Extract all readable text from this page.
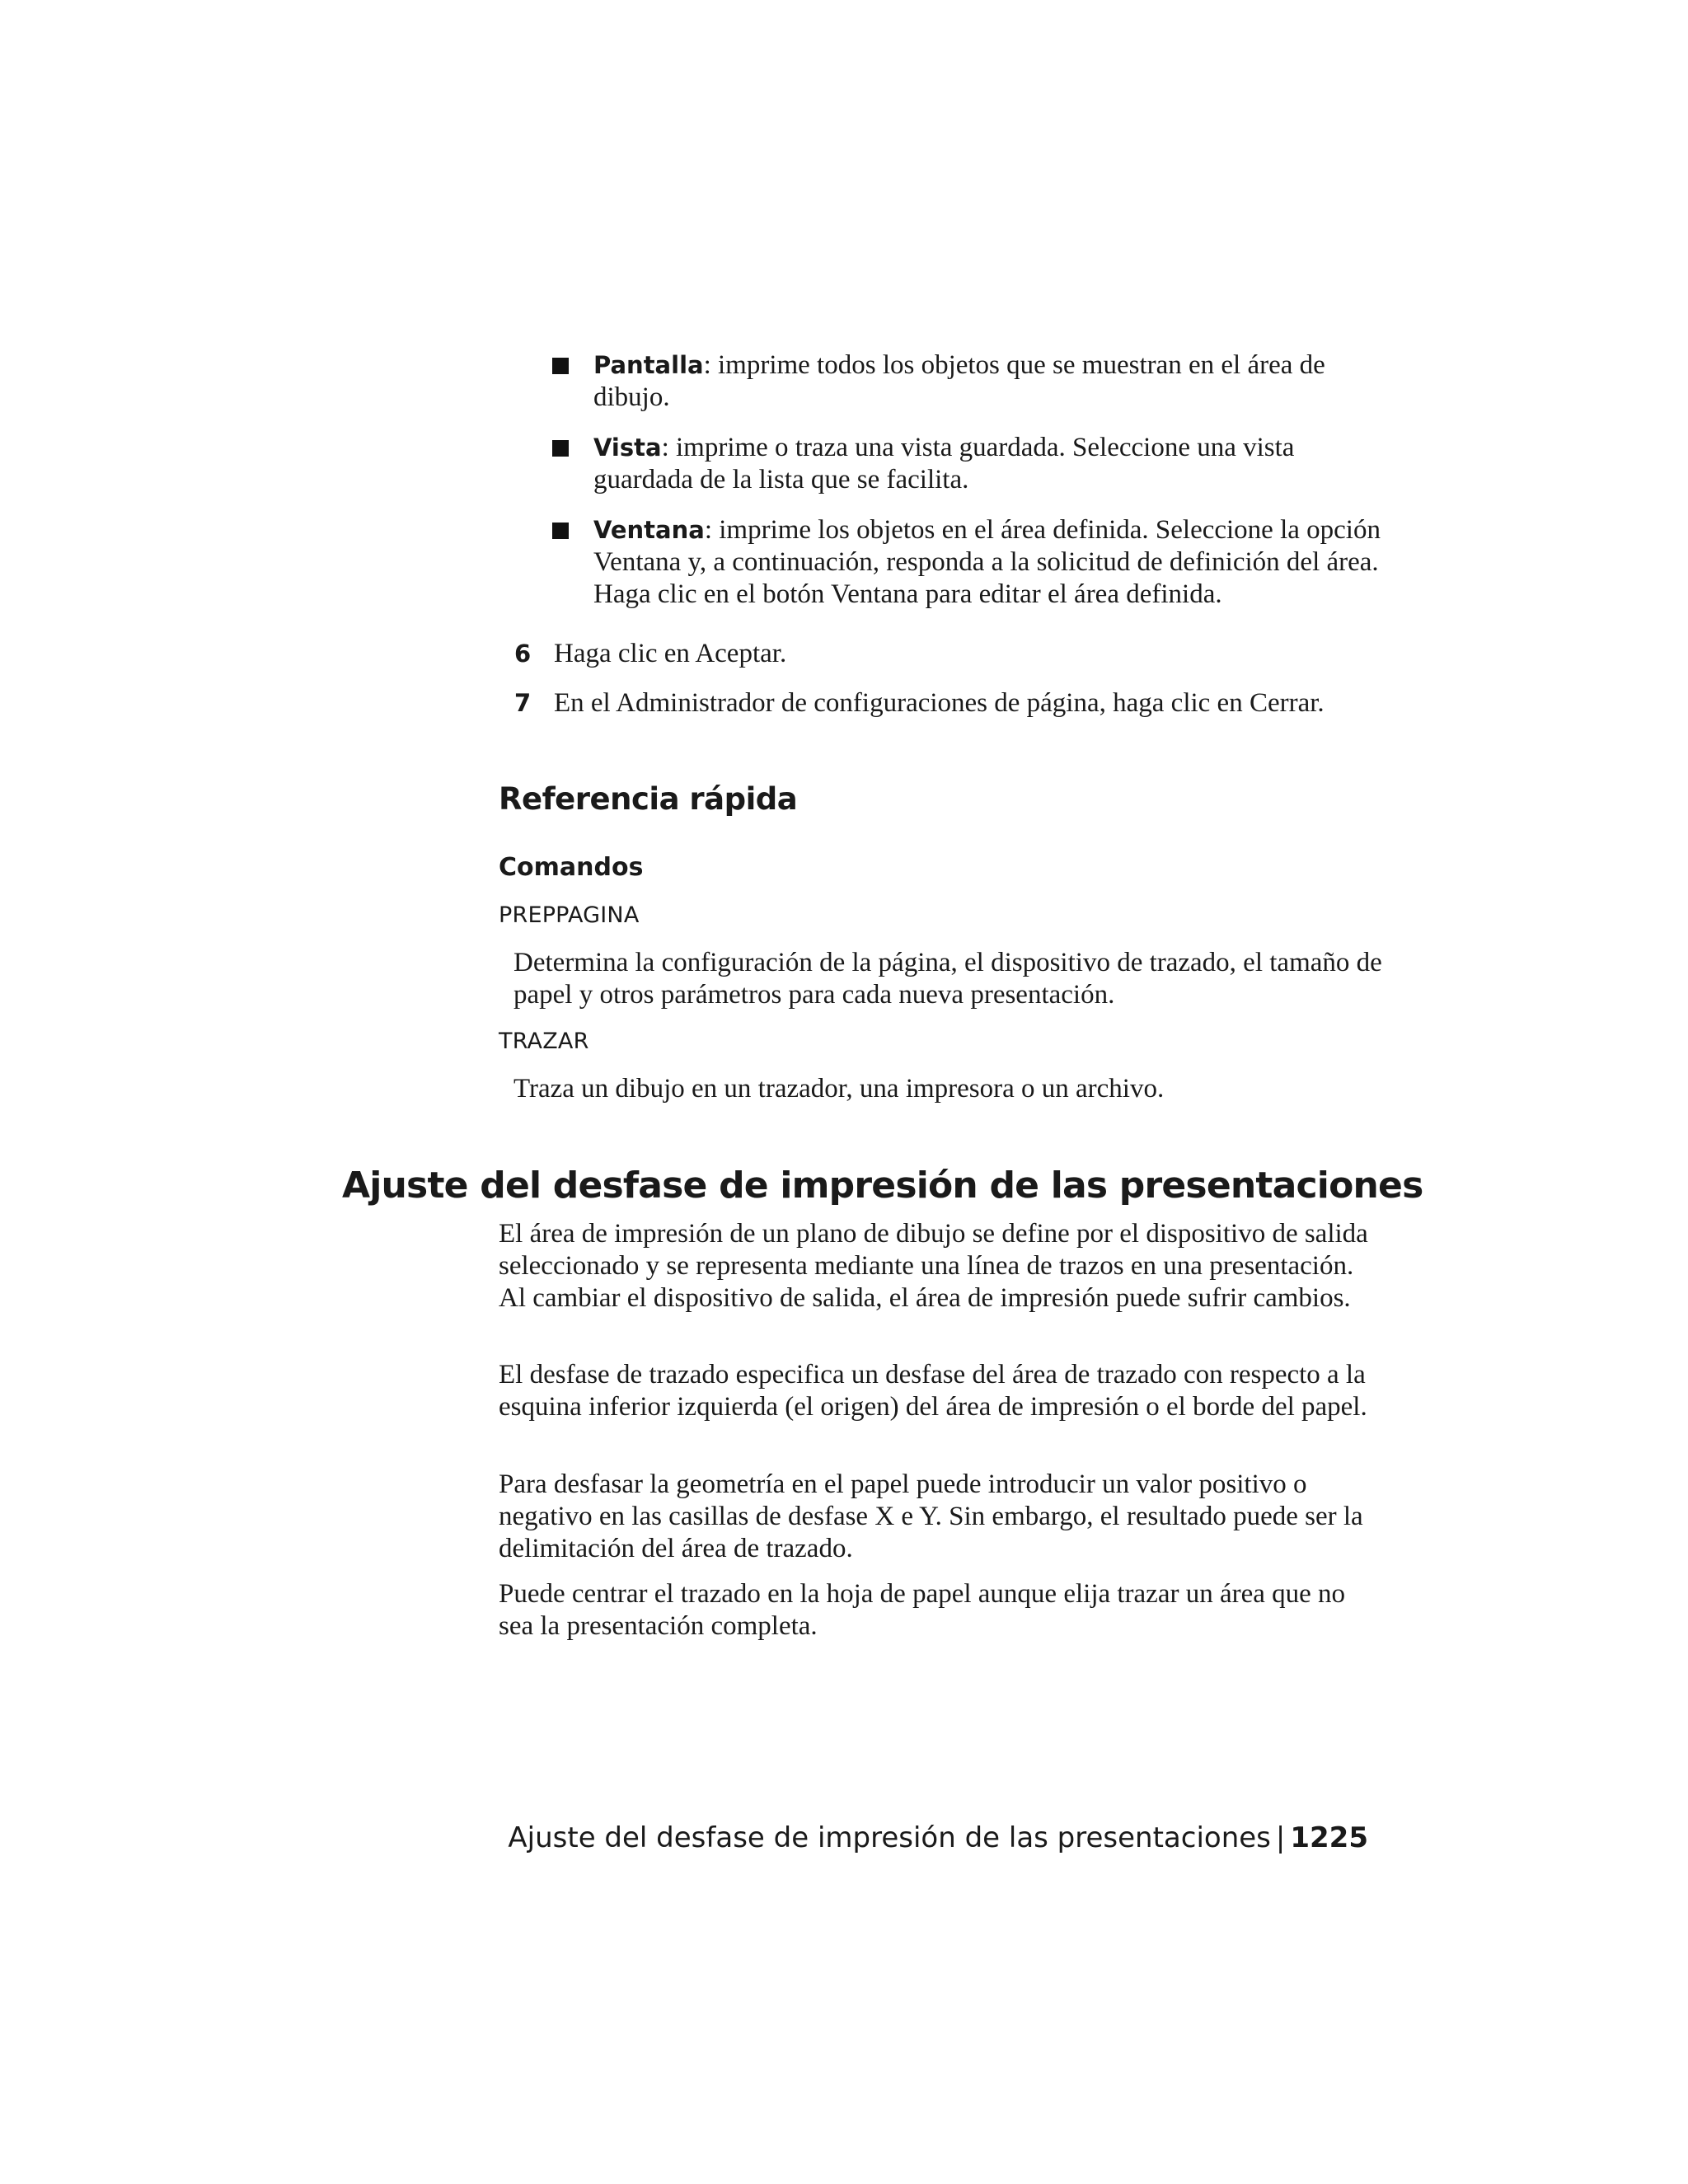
Pantalla: imprime todos los objetos que se muestran en el área de dibujo.
Vista: imprime o traza una vista guardada. Seleccione una vista guardada de la lista que se facilita.
Ventana: imprime los objetos en el área definida. Seleccione la opción Ventana y, a continuación, responda a la solicitud de definición del área. Haga clic en el botón Ventana para editar el área definida.
6 Haga clic en Aceptar.
7 En el Administrador de configuraciones de página, haga clic en Cerrar.
Referencia rápida
Comandos
PREPPAGINA
Determina la configuración de la página, el dispositivo de trazado, el tamaño de papel y otros parámetros para cada nueva presentación.
TRAZAR
Traza un dibujo en un trazador, una impresora o un archivo.
Ajuste del desfase de impresión de las presentaciones
El área de impresión de un plano de dibujo se define por el dispositivo de salida seleccionado y se representa mediante una línea de trazos en una presentación. Al cambiar el dispositivo de salida, el área de impresión puede sufrir cambios.
El desfase de trazado especifica un desfase del área de trazado con respecto a la esquina inferior izquierda (el origen) del área de impresión o el borde del papel.
Para desfasar la geometría en el papel puede introducir un valor positivo o negativo en las casillas de desfase X e Y. Sin embargo, el resultado puede ser la delimitación del área de trazado.
Puede centrar el trazado en la hoja de papel aunque elija trazar un área que no sea la presentación completa.
Ajuste del desfase de impresión de las presentaciones | 1225
